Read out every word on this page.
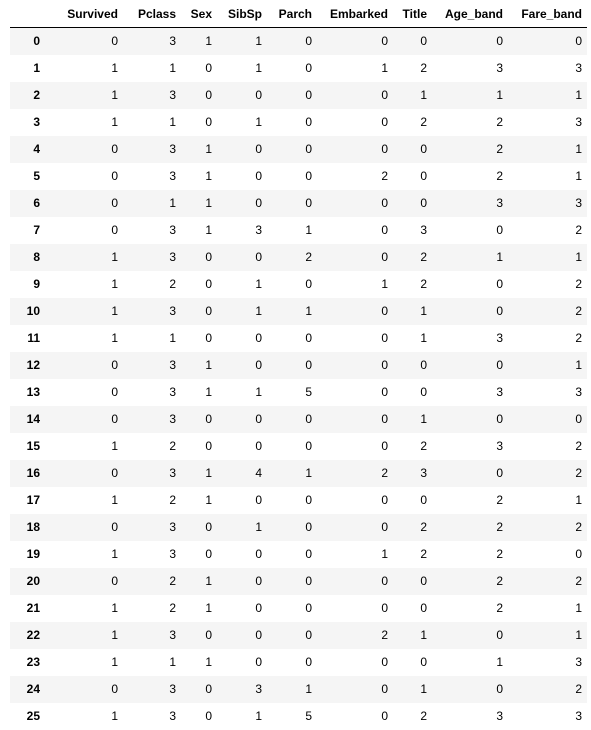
	Survived	Pclass	Sex	SibSp	Parch	Embarked	Title	Age_band	Fare_band
0	0	3	1	1	0	0	0	0	0
1	1	1	0	1	0	1	2	3	3
2	1	3	0	0	0	0	1	1	1
3	1	1	0	1	0	0	2	2	3
4	0	3	1	0	0	0	0	2	1
5	0	3	1	0	0	2	0	2	1
6	0	1	1	0	0	0	0	3	3
7	0	3	1	3	1	0	3	0	2
8	1	3	0	0	2	0	2	1	1
9	1	2	0	1	0	1	2	0	2
10	1	3	0	1	1	0	1	0	2
11	1	1	0	0	0	0	1	3	2
12	0	3	1	0	0	0	0	0	1
13	0	3	1	1	5	0	0	3	3
14	0	3	0	0	0	0	1	0	0
15	1	2	0	0	0	0	2	3	2
16	0	3	1	4	1	2	3	0	2
17	1	2	1	0	0	0	0	2	1
18	0	3	0	1	0	0	2	2	2
19	1	3	0	0	0	1	2	2	0
20	0	2	1	0	0	0	0	2	2
21	1	2	1	0	0	0	0	2	1
22	1	3	0	0	0	2	1	0	1
23	1	1	1	0	0	0	0	1	3
24	0	3	0	3	1	0	1	0	2
25	1	3	0	1	5	0	2	3	3
